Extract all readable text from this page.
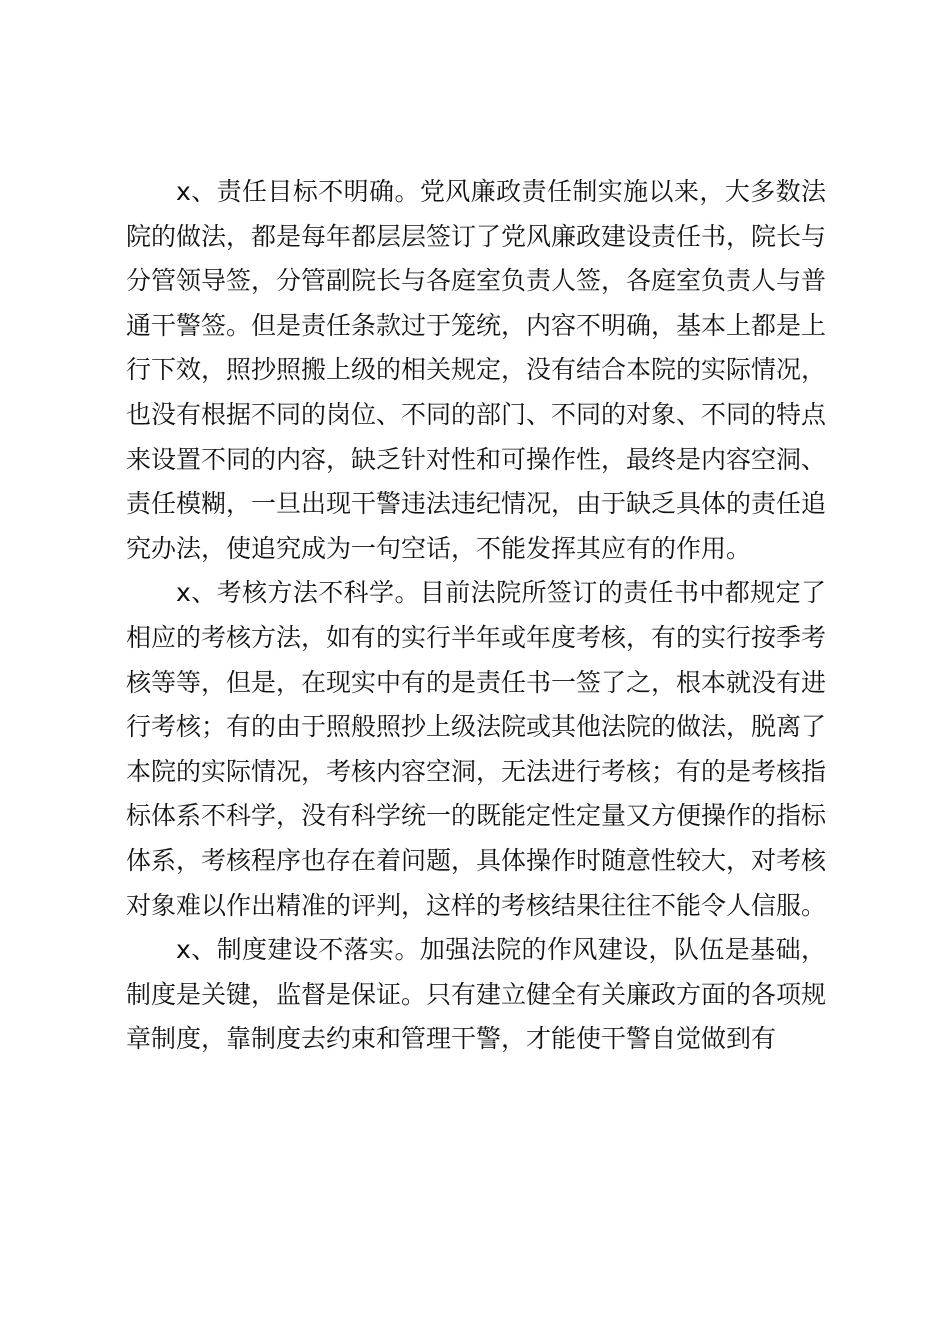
x、责任目标不明确。党风廉政责任制实施以来，大多数法院的做法，都是每年都层层签订了党风廉政建设责任书，院长与分管领导签，分管副院长与各庭室负责人签，各庭室负责人与普通干警签。但是责任条款过于笼统，内容不明确，基本上都是上行下效，照抄照搬上级的相关规定，没有结合本院的实际情况，也没有根据不同的岗位、不同的部门、不同的对象、不同的特点来设置不同的内容，缺乏针对性和可操作性，最终是内容空洞、责任模糊，一旦出现干警违法违纪情况，由于缺乏具体的责任追究办法，使追究成为一句空话，不能发挥其应有的作用。

x、考核方法不科学。目前法院所签订的责任书中都规定了相应的考核方法，如有的实行半年或年度考核，有的实行按季考核等等，但是，在现实中有的是责任书一签了之，根本就没有进行考核；有的由于照般照抄上级法院或其他法院的做法，脱离了本院的实际情况，考核内容空洞，无法进行考核；有的是考核指标体系不科学，没有科学统一的既能定性定量又方便操作的指标体系，考核程序也存在着问题，具体操作时随意性较大，对考核对象难以作出精准的评判，这样的考核结果往往不能令人信服。

x、制度建设不落实。加强法院的作风建设，队伍是基础，制度是关键，监督是保证。只有建立健全有关廉政方面的各项规章制度，靠制度去约束和管理干警，才能使干警自觉做到有
